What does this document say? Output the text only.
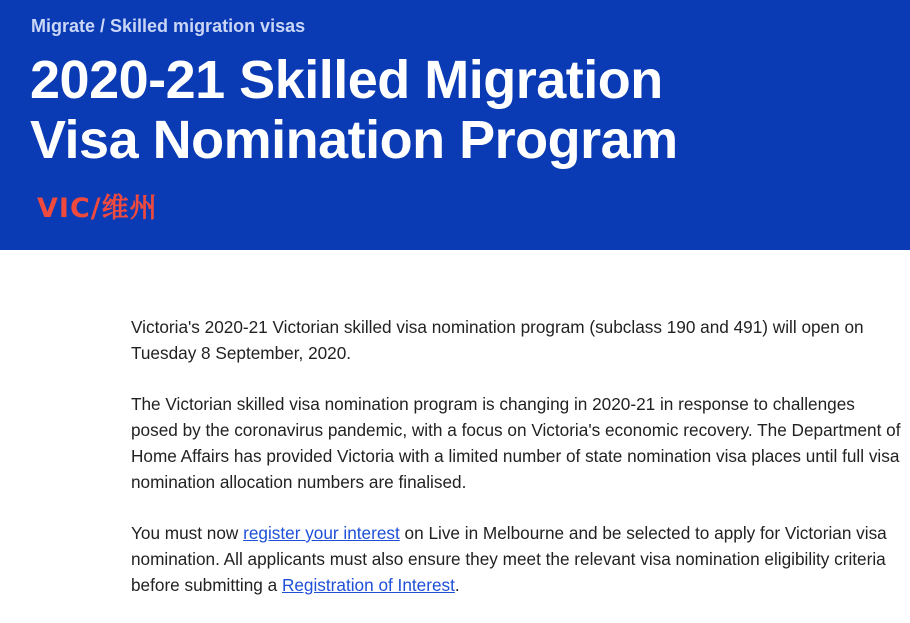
Migrate / Skilled migration visas
2020-21 Skilled Migration
Visa Nomination Program
VIC/维州

Victoria's 2020-21 Victorian skilled visa nomination program (subclass 190 and 491) will open on Tuesday 8 September, 2020.

The Victorian skilled visa nomination program is changing in 2020-21 in response to challenges posed by the coronavirus pandemic, with a focus on Victoria's economic recovery. The Department of Home Affairs has provided Victoria with a limited number of state nomination visa places until full visa nomination allocation numbers are finalised.

You must now register your interest on Live in Melbourne and be selected to apply for Victorian visa nomination. All applicants must also ensure they meet the relevant visa nomination eligibility criteria before submitting a Registration of Interest.
